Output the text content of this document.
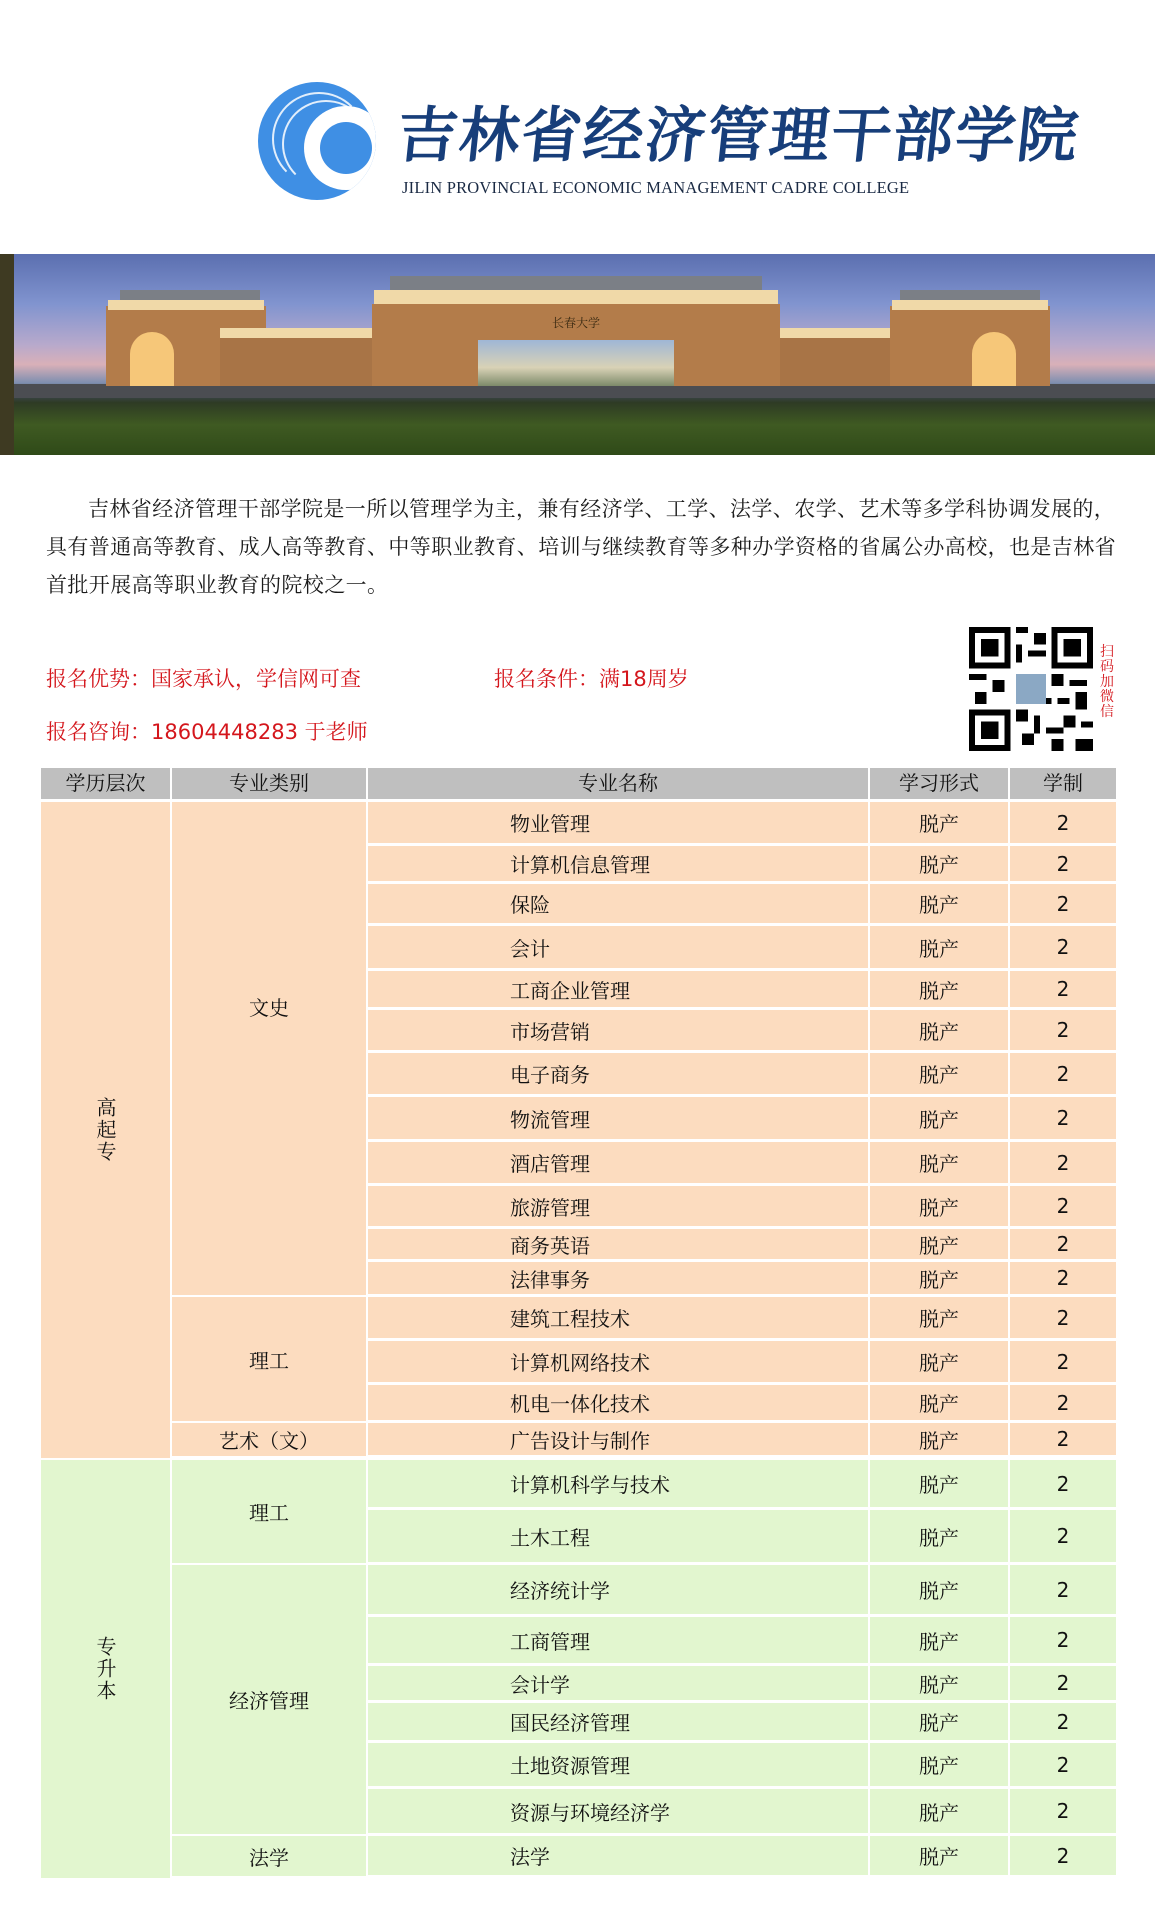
吉林省经济管理干部学院
JILIN PROVINCIAL ECONOMIC MANAGEMENT CADRE COLLEGE
长春大学
吉林省经济管理干部学院是一所以管理学为主，兼有经济学、工学、法学、农学、艺术等多学科协调发展的，具有普通高等教育、成人高等教育、中等职业教育、培训与继续教育等多种办学资格的省属公办高校，也是吉林省首批开展高等职业教育的院校之一。
报名优势：国家承认，学信网可查	报名条件：满18周岁
报名咨询：18604448283 于老师
扫码加微信
学历层次	专业类别	专业名称	学习形式	学制
高起专
文史
物业管理	脱产	2
计算机信息管理	脱产	2
保险	脱产	2
会计	脱产	2
工商企业管理	脱产	2
市场营销	脱产	2
电子商务	脱产	2
物流管理	脱产	2
酒店管理	脱产	2
旅游管理	脱产	2
商务英语	脱产	2
法律事务	脱产	2
理工
建筑工程技术	脱产	2
计算机网络技术	脱产	2
机电一体化技术	脱产	2
艺术（文）	广告设计与制作	脱产	2
专升本
理工
计算机科学与技术	脱产	2
土木工程	脱产	2
经济管理
经济统计学	脱产	2
工商管理	脱产	2
会计学	脱产	2
国民经济管理	脱产	2
土地资源管理	脱产	2
资源与环境经济学	脱产	2
法学	法学	脱产	2
